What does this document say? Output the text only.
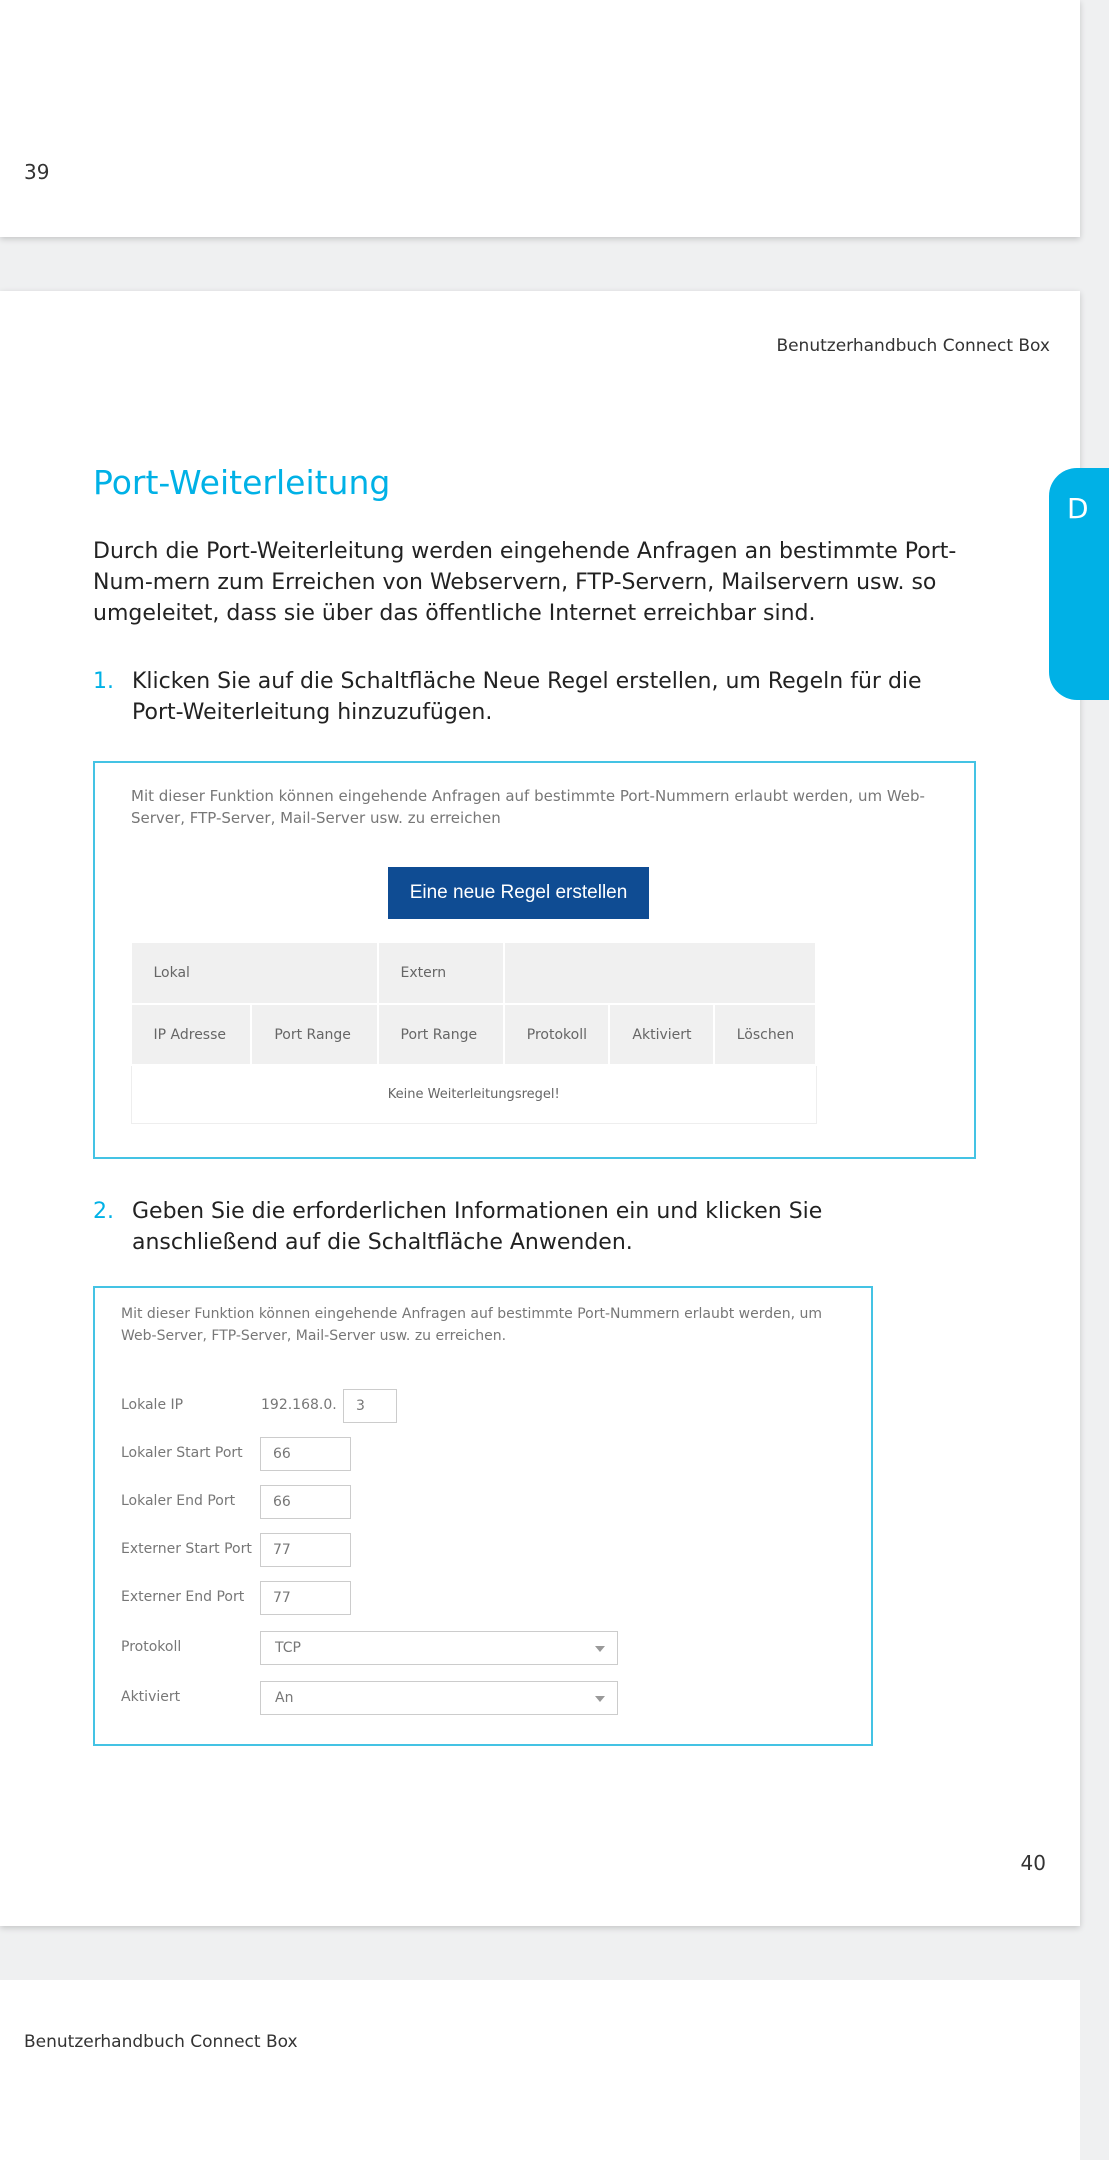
39
Benutzerhandbuch Connect Box
D
Port-Weiterleitung

Durch die Port-Weiterleitung werden eingehende Anfragen an bestimmte Port-Num-mern zum Erreichen von Webservern, FTP-Servern, Mailservern usw. so umgeleitet, dass sie über das öffentliche Internet erreichbar sind.

1. Klicken Sie auf die Schaltfläche Neue Regel erstellen, um Regeln für die Port-Weiterleitung hinzuzufügen.
Mit dieser Funktion können eingehende Anfragen auf bestimmte Port-Nummern erlaubt werden, um Web-Server, FTP-Server, Mail-Server usw. zu erreichen
Eine neue Regel erstellen
Lokal		Extern			
IP Adresse	Port Range	Port Range	Protokoll	Aktiviert	Löschen
Keine Weiterleitungsregel!					
2. Geben Sie die erforderlichen Informationen ein und klicken Sie anschließend auf die Schaltfläche Anwenden.
Mit dieser Funktion können eingehende Anfragen auf bestimmte Port-Nummern erlaubt werden, um Web-Server, FTP-Server, Mail-Server usw. zu erreichen.
Lokale IP	192.168.0.	3
Lokaler Start Port	66
Lokaler End Port	66
Externer Start Port	77
Externer End Port	77
Protokoll	TCP
Aktiviert	An
40
Benutzerhandbuch Connect Box
